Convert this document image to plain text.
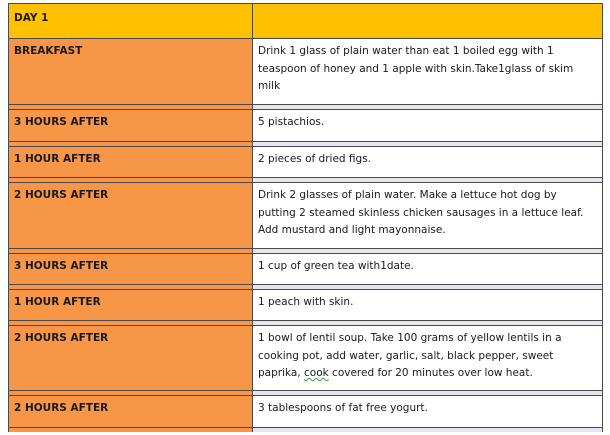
DAY 1	
BREAKFAST	Drink 1 glass of plain water than eat 1 boiled egg with 1 teaspoon of honey and 1 apple with skin.Take1glass of skim milk

3 HOURS AFTER	5 pistachios.

1 HOUR AFTER	2 pieces of dried figs.

2 HOURS AFTER	Drink 2 glasses of plain water. Make a lettuce hot dog by putting 2 steamed skinless chicken sausages in a lettuce leaf. Add mustard and light mayonnaise.

3 HOURS AFTER	1 cup of green tea with1date.

1 HOUR AFTER	1 peach with skin.

2 HOURS AFTER	1 bowl of lentil soup. Take 100 grams of yellow lentils in a cooking pot, add water, garlic, salt, black pepper, sweet paprika, cook covered for 20 minutes over low heat.

2 HOURS AFTER	3 tablespoons of fat free yogurt.
